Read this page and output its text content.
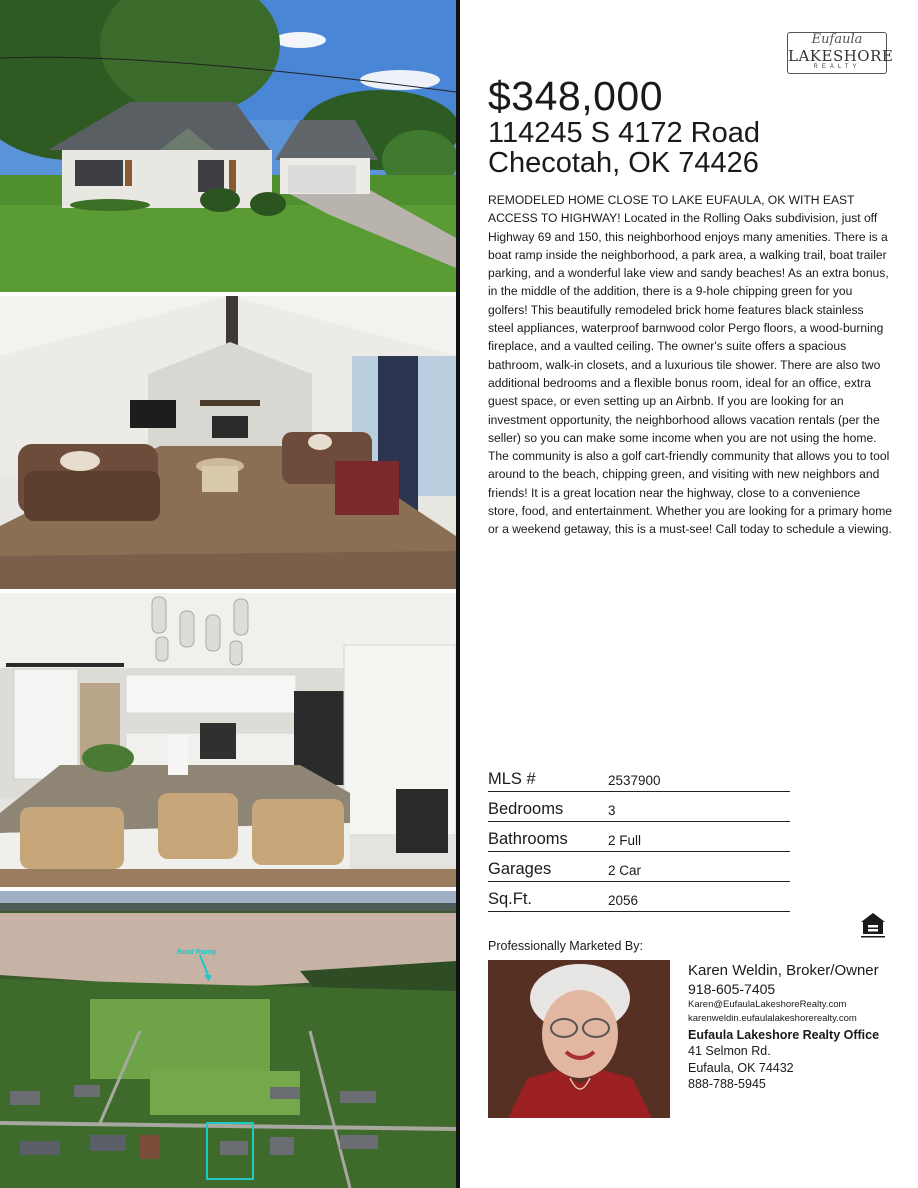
Boat Ramp
Eufaula
LAKESHORE
REALTY
$348,000
114245 S 4172 Road
Checotah, OK 74426
REMODELED HOME CLOSE TO LAKE EUFAULA, OK WITH EAST ACCESS TO HIGHWAY! Located in the Rolling Oaks subdivision, just off Highway 69 and 150, this neighborhood enjoys many amenities. There is a boat ramp inside the neighborhood, a park area, a walking trail, boat trailer parking, and a wonderful lake view and sandy beaches! As an extra bonus, in the middle of the addition, there is a 9-hole chipping green for you golfers! This beautifully remodeled brick home features black stainless steel appliances, waterproof barnwood color Pergo floors, a wood-burning fireplace, and a vaulted ceiling. The owner's suite offers a spacious bathroom, walk-in closets, and a luxurious tile shower. There are also two additional bedrooms and a flexible bonus room, ideal for an office, extra guest space, or even setting up an Airbnb. If you are looking for an investment opportunity, the neighborhood allows vacation rentals (per the seller) so you can make some income when you are not using the home. The community is also a golf cart-friendly community that allows you to tool around to the beach, chipping green, and visiting with new neighbors and friends! It is a great location near the highway, close to a convenience store, food, and entertainment. Whether you are looking for a primary home or a weekend getaway, this is a must-see! Call today to schedule a viewing.
MLS #	2537900
Bedrooms	3
Bathrooms	2 Full
Garages	2 Car
Sq.Ft.	2056
Professionally Marketed By:
Karen Weldin, Broker/Owner
918-605-7405
Karen@EufaulaLakeshoreRealty.com
karenweldin.eufaulalakeshorerealty.com
Eufaula Lakeshore Realty Office
41 Selmon Rd.
Eufaula, OK 74432
888-788-5945
